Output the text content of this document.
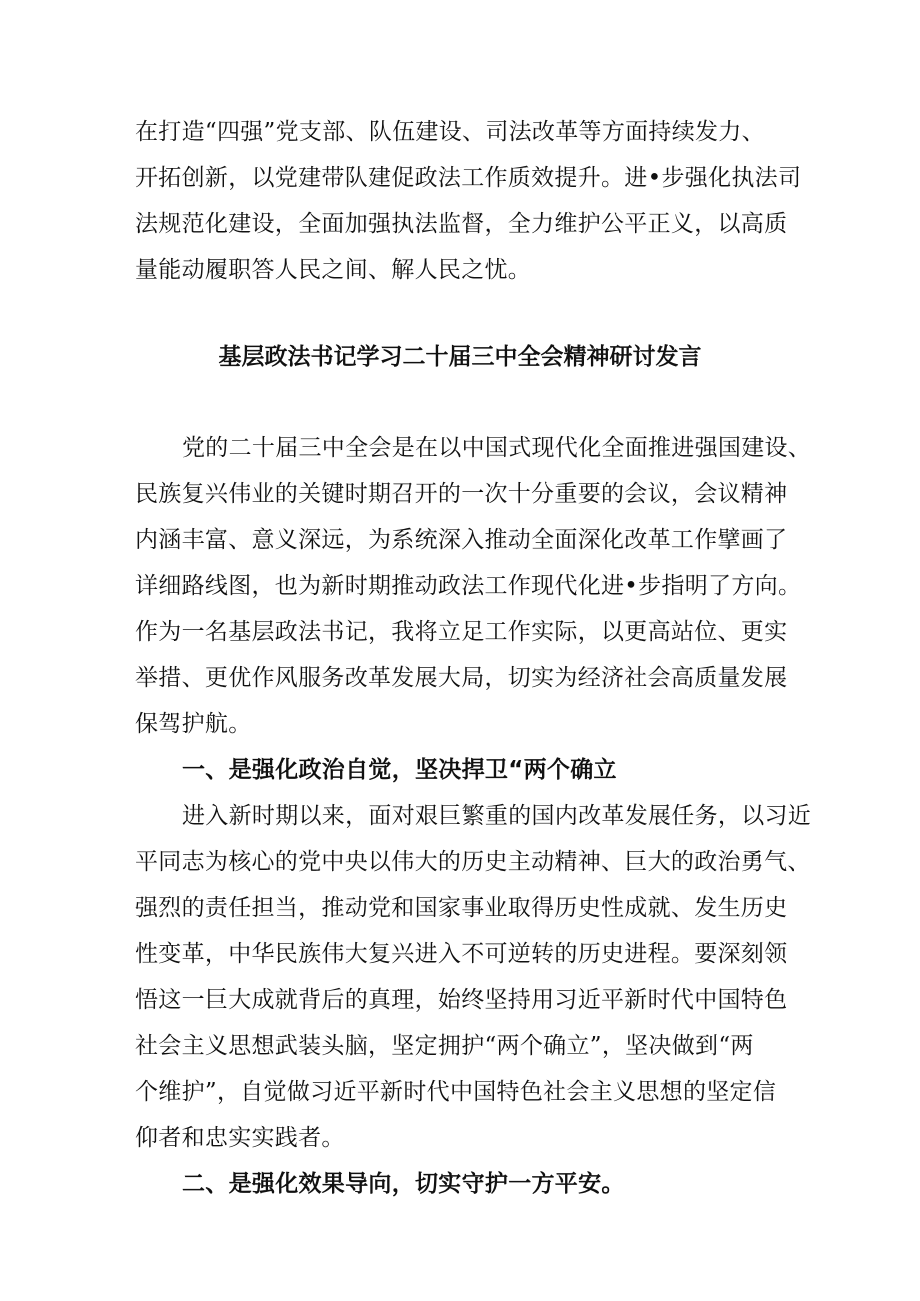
在打造“四强”党支部、队伍建设、司法改革等方面持续发力、
开拓创新，以党建带队建促政法工作质效提升。进•步强化执法司
法规范化建设，全面加强执法监督，全力维护公平正义，以高质
量能动履职答人民之间、解人民之忧。
基层政法书记学习二十届三中全会精神研讨发言
党的二十届三中全会是在以中国式现代化全面推进强国建设、
民族复兴伟业的关键时期召开的一次十分重要的会议，会议精神
内涵丰富、意义深远，为系统深入推动全面深化改革工作擘画了
详细路线图，也为新时期推动政法工作现代化进•步指明了方向。
作为一名基层政法书记，我将立足工作实际，以更高站位、更实
举措、更优作风服务改革发展大局，切实为经济社会高质量发展
保驾护航。
一、是强化政治自觉，坚决捍卫“两个确立
进入新时期以来，面对艰巨繁重的国内改革发展任务，以习近
平同志为核心的党中央以伟大的历史主动精神、巨大的政治勇气、
强烈的责任担当，推动党和国家事业取得历史性成就、发生历史
性变革，中华民族伟大复兴进入不可逆转的历史进程。要深刻领
悟这一巨大成就背后的真理，始终坚持用习近平新时代中国特色
社会主义思想武装头脑，坚定拥护“两个确立”，坚决做到“两
个维护”，自觉做习近平新时代中国特色社会主义思想的坚定信
仰者和忠实实践者。
二、是强化效果导向，切实守护一方平安。
